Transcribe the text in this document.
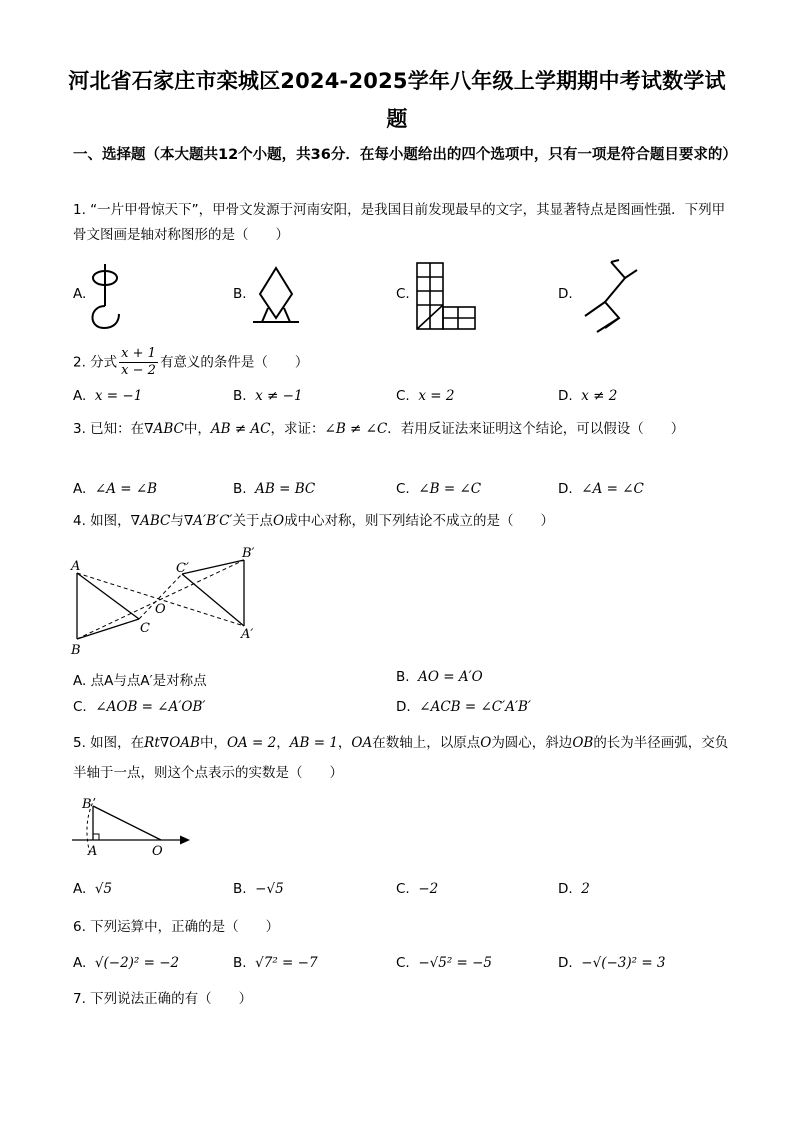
河北省石家庄市栾城区2024-2025学年八年级上学期期中考试数学试题
一、选择题（本大题共12个小题，共36分．在每小题给出的四个选项中，只有一项是符合题目要求的）
1. “一片甲骨惊天下”，甲骨文发源于河南安阳，是我国目前发现最早的文字，其显著特点是图画性强．下列甲骨文图画是轴对称图形的是（　　）
A.	B.	C.	D.
2. 分式 $\frac{x + 1}{x - 2}$ 有意义的条件是（　　）
A. x = −1	B. x ≠ −1	C. x = 2	D. x ≠ 2
3. 已知：在∇ABC中，AB ≠ AC，求证：∠B ≠ ∠C．若用反证法来证明这个结论，可以假设（　　）
A. ∠A = ∠B	B. AB = BC	C. ∠B = ∠C	D. ∠A = ∠C
4. 如图，∇ABC与∇A′B′C′关于点O成中心对称，则下列结论不成立的是（　　）
A
B
C
O
B′
C′
A′
A. 点A与点A′是对称点	B. AO = A′O
C. ∠AOB = ∠A′OB′	D. ∠ACB = ∠C′A′B′
5. 如图，在Rt∇OAB中，OA = 2，AB = 1，OA在数轴上，以原点O为圆心，斜边OB的长为半径画弧，交负半轴于一点，则这个点表示的实数是（　　）
B
A	O
A. √5	B. −√5	C. −2	D. 2
6. 下列运算中，正确的是（　　）
A. √(−2)² = −2	B. √7² = −7	C. −√5² = −5	D. −√(−3)² = 3
7. 下列说法正确的有（　　）
